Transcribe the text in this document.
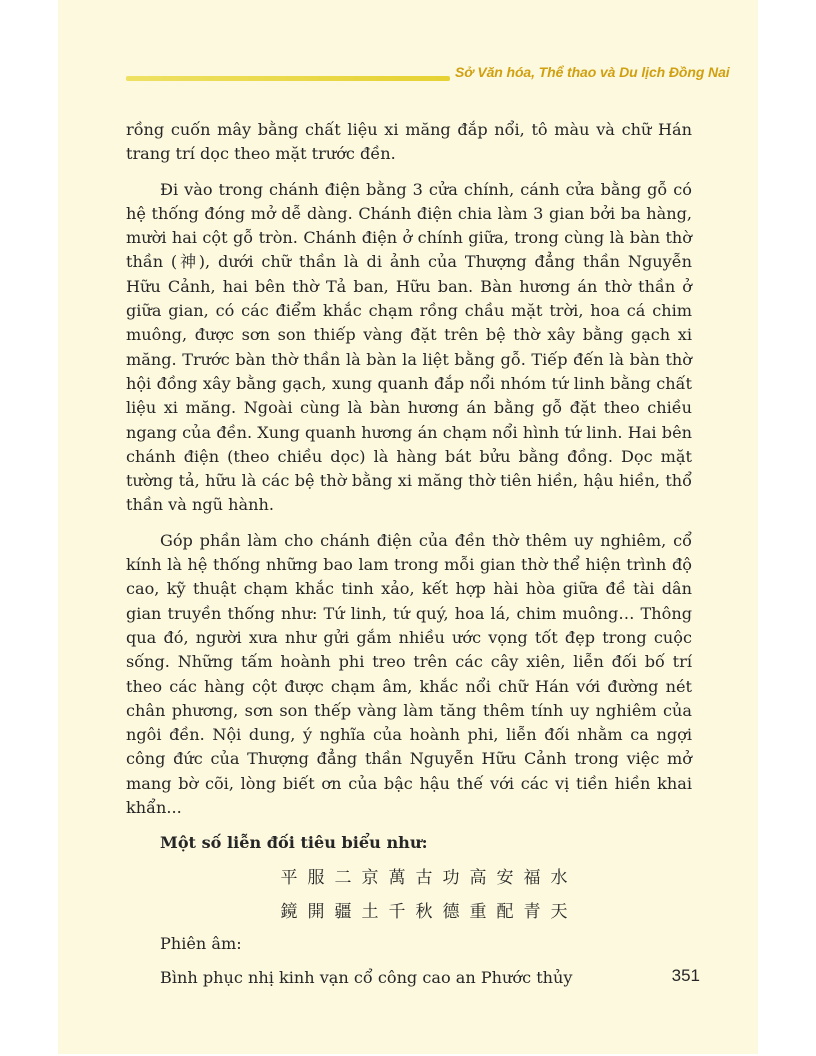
Sở Văn hóa, Thể thao và Du lịch Đồng Nai

rồng cuốn mây bằng chất liệu xi măng đắp nổi, tô màu và chữ Hán trang trí dọc theo mặt trước đền.

Đi vào trong chánh điện bằng 3 cửa chính, cánh cửa bằng gỗ có hệ thống đóng mở dễ dàng. Chánh điện chia làm 3 gian bởi ba hàng, mười hai cột gỗ tròn. Chánh điện ở chính giữa, trong cùng là bàn thờ thần (神), dưới chữ thần là di ảnh của Thượng đẳng thần Nguyễn Hữu Cảnh, hai bên thờ Tả ban, Hữu ban. Bàn hương án thờ thần ở giữa gian, có các điểm khắc chạm rồng chầu mặt trời, hoa cá chim muông, được sơn son thiếp vàng đặt trên bệ thờ xây bằng gạch xi măng. Trước bàn thờ thần là bàn la liệt bằng gỗ. Tiếp đến là bàn thờ hội đồng xây bằng gạch, xung quanh đắp nổi nhóm tứ linh bằng chất liệu xi măng. Ngoài cùng là bàn hương án bằng gỗ đặt theo chiều ngang của đền. Xung quanh hương án chạm nổi hình tứ linh. Hai bên chánh điện (theo chiều dọc) là hàng bát bửu bằng đồng. Dọc mặt tường tả, hữu là các bệ thờ bằng xi măng thờ tiên hiền, hậu hiền, thổ thần và ngũ hành.

Góp phần làm cho chánh điện của đền thờ thêm uy nghiêm, cổ kính là hệ thống những bao lam trong mỗi gian thờ thể hiện trình độ cao, kỹ thuật chạm khắc tinh xảo, kết hợp hài hòa giữa đề tài dân gian truyền thống như: Tứ linh, tứ quý, hoa lá, chim muông… Thông qua đó, người xưa như gửi gắm nhiều ước vọng tốt đẹp trong cuộc sống. Những tấm hoành phi treo trên các cây xiên, liễn đối bố trí theo các hàng cột được chạm âm, khắc nổi chữ Hán với đường nét chân phương, sơn son thếp vàng làm tăng thêm tính uy nghiêm của ngôi đền. Nội dung, ý nghĩa của hoành phi, liễn đối nhằm ca ngợi công đức của Thượng đẳng thần Nguyễn Hữu Cảnh trong việc mở mang bờ cõi, lòng biết ơn của bậc hậu thế với các vị tiền hiền khai khẩn...

Một số liễn đối tiêu biểu như:

平服二京萬古功高安福水
鏡開疆土千秋德重配青天

Phiên âm:

Bình phục nhị kinh vạn cổ công cao an Phước thủy	351
